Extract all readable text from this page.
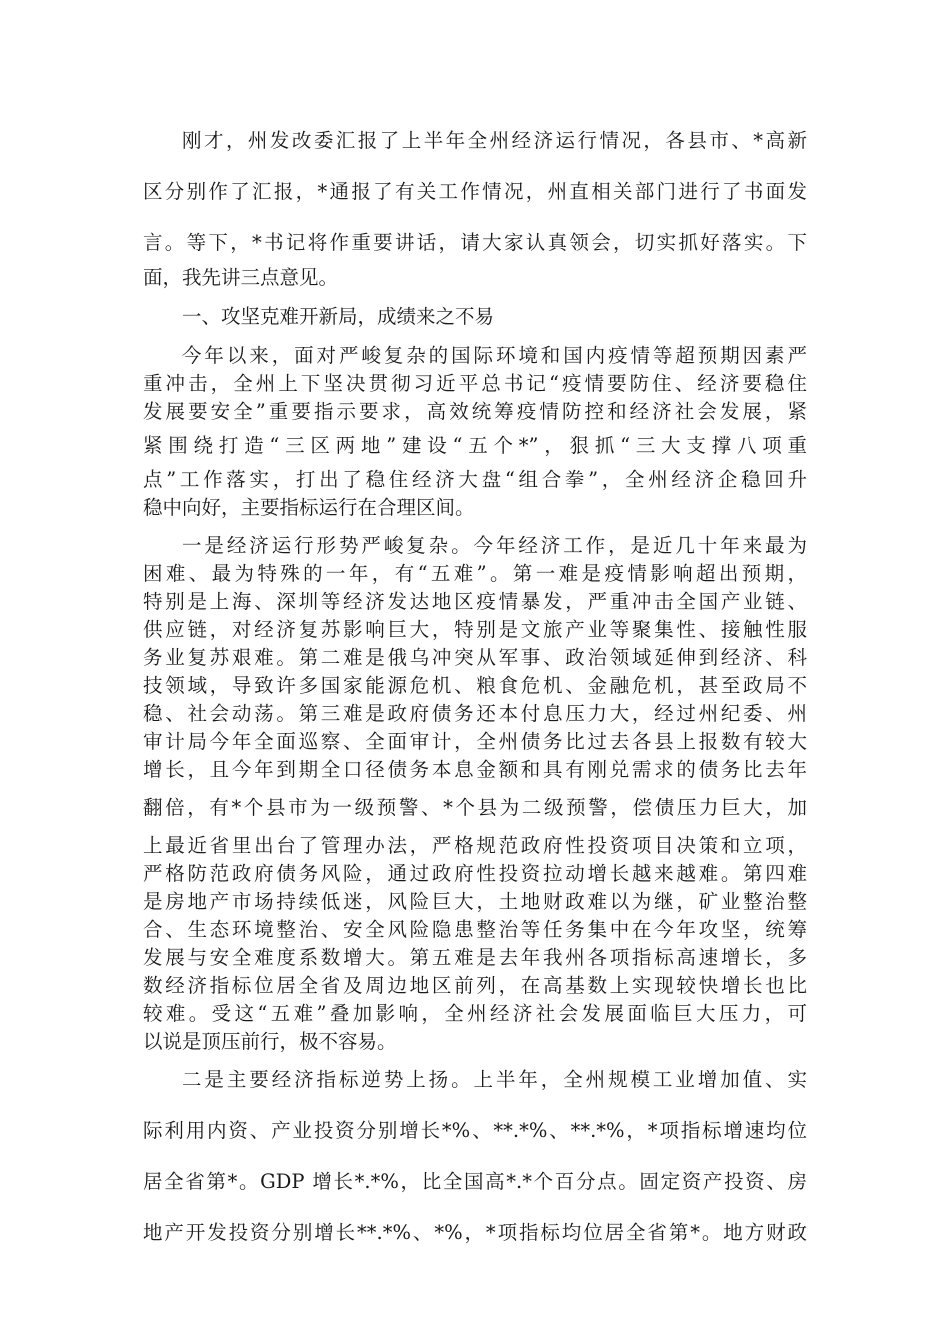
刚才，州发改委汇报了上半年全州经济运行情况，各县市、*高新
区分别作了汇报，*通报了有关工作情况，州直相关部门进行了书面发
言。等下，*书记将作重要讲话，请大家认真领会，切实抓好落实。下
面，我先讲三点意见。
一、攻坚克难开新局，成绩来之不易
今年以来，面对严峻复杂的国际环境和国内疫情等超预期因素严
重冲击，全州上下坚决贯彻习近平总书记“疫情要防住、经济要稳住
发展要安全”重要指示要求，高效统筹疫情防控和经济社会发展，紧
紧围绕打造“三区两地”建设“五个*”，狠抓“三大支撑八项重
点”工作落实，打出了稳住经济大盘“组合拳”，全州经济企稳回升
稳中向好，主要指标运行在合理区间。
一是经济运行形势严峻复杂。今年经济工作，是近几十年来最为
困难、最为特殊的一年，有“五难”。第一难是疫情影响超出预期，
特别是上海、深圳等经济发达地区疫情暴发，严重冲击全国产业链、
供应链，对经济复苏影响巨大，特别是文旅产业等聚集性、接触性服
务业复苏艰难。第二难是俄乌冲突从军事、政治领域延伸到经济、科
技领域，导致许多国家能源危机、粮食危机、金融危机，甚至政局不
稳、社会动荡。第三难是政府债务还本付息压力大，经过州纪委、州
审计局今年全面巡察、全面审计，全州债务比过去各县上报数有较大
增长，且今年到期全口径债务本息金额和具有刚兑需求的债务比去年
翻倍，有*个县市为一级预警、*个县为二级预警，偿债压力巨大，加
上最近省里出台了管理办法，严格规范政府性投资项目决策和立项，
严格防范政府债务风险，通过政府性投资拉动增长越来越难。第四难
是房地产市场持续低迷，风险巨大，土地财政难以为继，矿业整治整
合、生态环境整治、安全风险隐患整治等任务集中在今年攻坚，统筹
发展与安全难度系数增大。第五难是去年我州各项指标高速增长，多
数经济指标位居全省及周边地区前列，在高基数上实现较快增长也比
较难。受这“五难”叠加影响，全州经济社会发展面临巨大压力，可
以说是顶压前行，极不容易。
二是主要经济指标逆势上扬。上半年，全州规模工业增加值、实
际利用内资、产业投资分别增长*%、**.*%、**.*%，*项指标增速均位
居全省第*。GDP 增长*.*%，比全国高*.*个百分点。固定资产投资、房
地产开发投资分别增长**.*%、*%，*项指标均位居全省第*。地方财政
